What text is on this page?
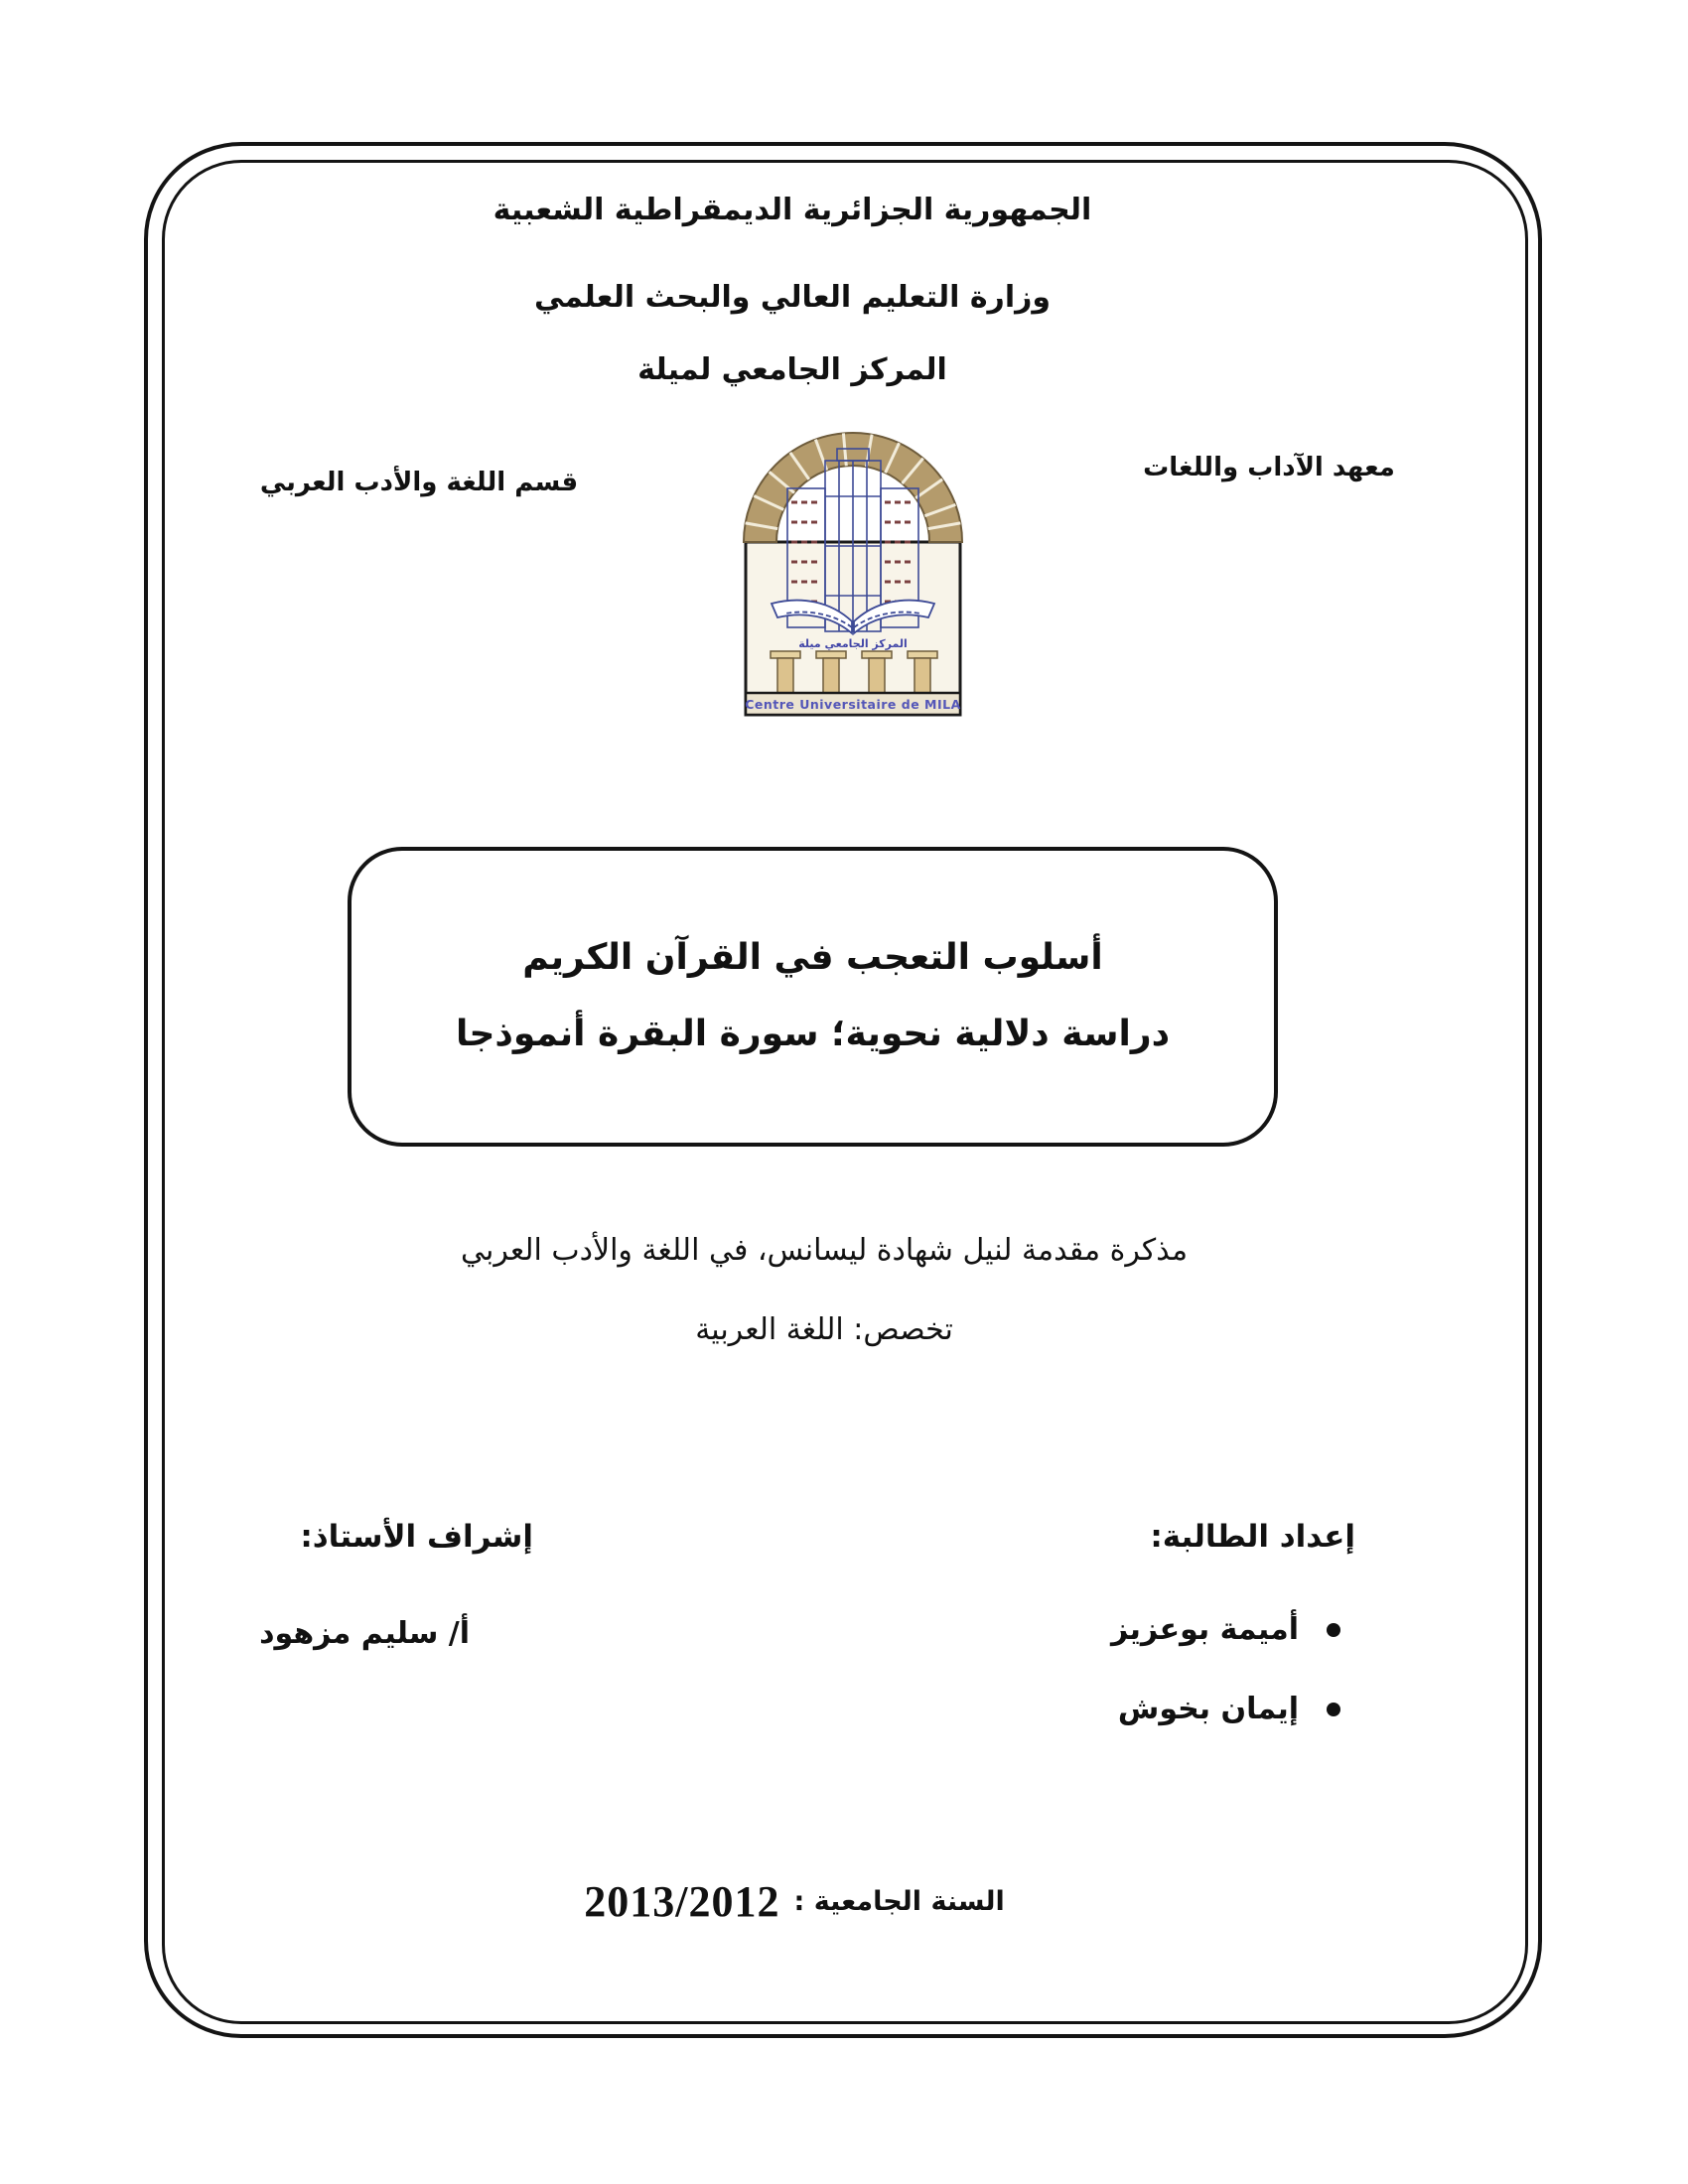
الجمهورية الجزائرية الديمقراطية الشعبية
وزارة التعليم العالي والبحث العلمي
المركز الجامعي لميلة
معهد الآداب واللغات
قسم اللغة والأدب العربي
المركز الجامعي ميلة
Centre Universitaire de MILA
أسلوب التعجب في القرآن الكريم
دراسة دلالية نحوية؛ سورة البقرة أنموذجا
مذكرة مقدمة لنيل شهادة ليسانس، في اللغة والأدب العربي
تخصص: اللغة العربية
إعداد الطالبة:
أميمة بوعزيز
إيمان بخوش
إشراف الأستاذ:
أ/ سليم مزهود
السنة الجامعية :
2013/2012
